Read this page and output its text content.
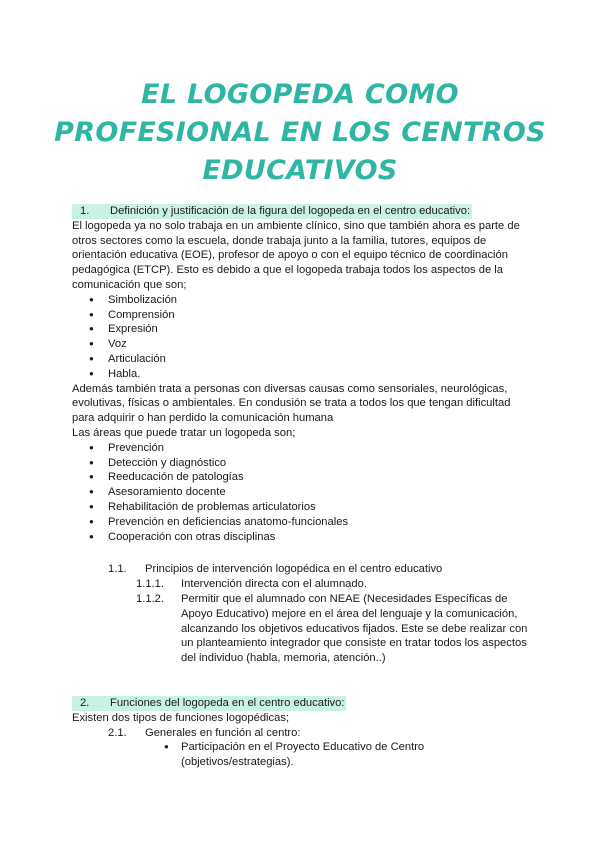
EL LOGOPEDA COMO
PROFESIONAL EN LOS CENTROS
EDUCATIVOS
1. Definición y justificación de la figura del logopeda en el centro educativo:

El logopeda ya no solo trabaja en un ambiente clínico, sino que también ahora es parte de otros sectores como la escuela, donde trabaja junto a la familia, tutores, equipos de orientación educativa (EOE), profesor de apoyo o con el equipo técnico de coordinación pedagógica (ETCP). Esto es debido a que el logopeda trabaja todos los aspectos de la comunicación que son;

● Simbolización
● Comprensión
● Expresión
● Voz
● Articulación
● Habla.

Además también trata a personas con diversas causas como sensoriales, neurológicas, evolutivas, físicas o ambientales. En condusión se trata a todos los que tengan dificultad para adquirir o han perdido la comunicación humana

Las áreas que puede tratar un logopeda son;

● Prevención
● Detección y diagnóstico
● Reeducación de patologías
● Asesoramiento docente
● Rehabilitación de problemas articulatorios
● Prevención en deficiencias anatomo-funcionales
● Cooperación con otras disciplinas
1.1. Principios de intervención logopédica en el centro educativo
1.1.1.	Intervención directa con el alumnado.
1.1.2.	Permitir que el alumnado con NEAE (Necesidades Específicas de Apoyo Educativo) mejore en el área del lenguaje y la comunicación, alcanzando los objetivos educativos fijados. Este se debe realizar con un planteamiento integrador que consiste en tratar todos los aspectos del individuo (habla, memoria, atención..)
2. Funciones del logopeda en el centro educativo:

Existen dos tipos de funciones logopédicas;

2.1. Generales en función al centro:
● Participación en el Proyecto Educativo de Centro (objetivos/estrategias).
